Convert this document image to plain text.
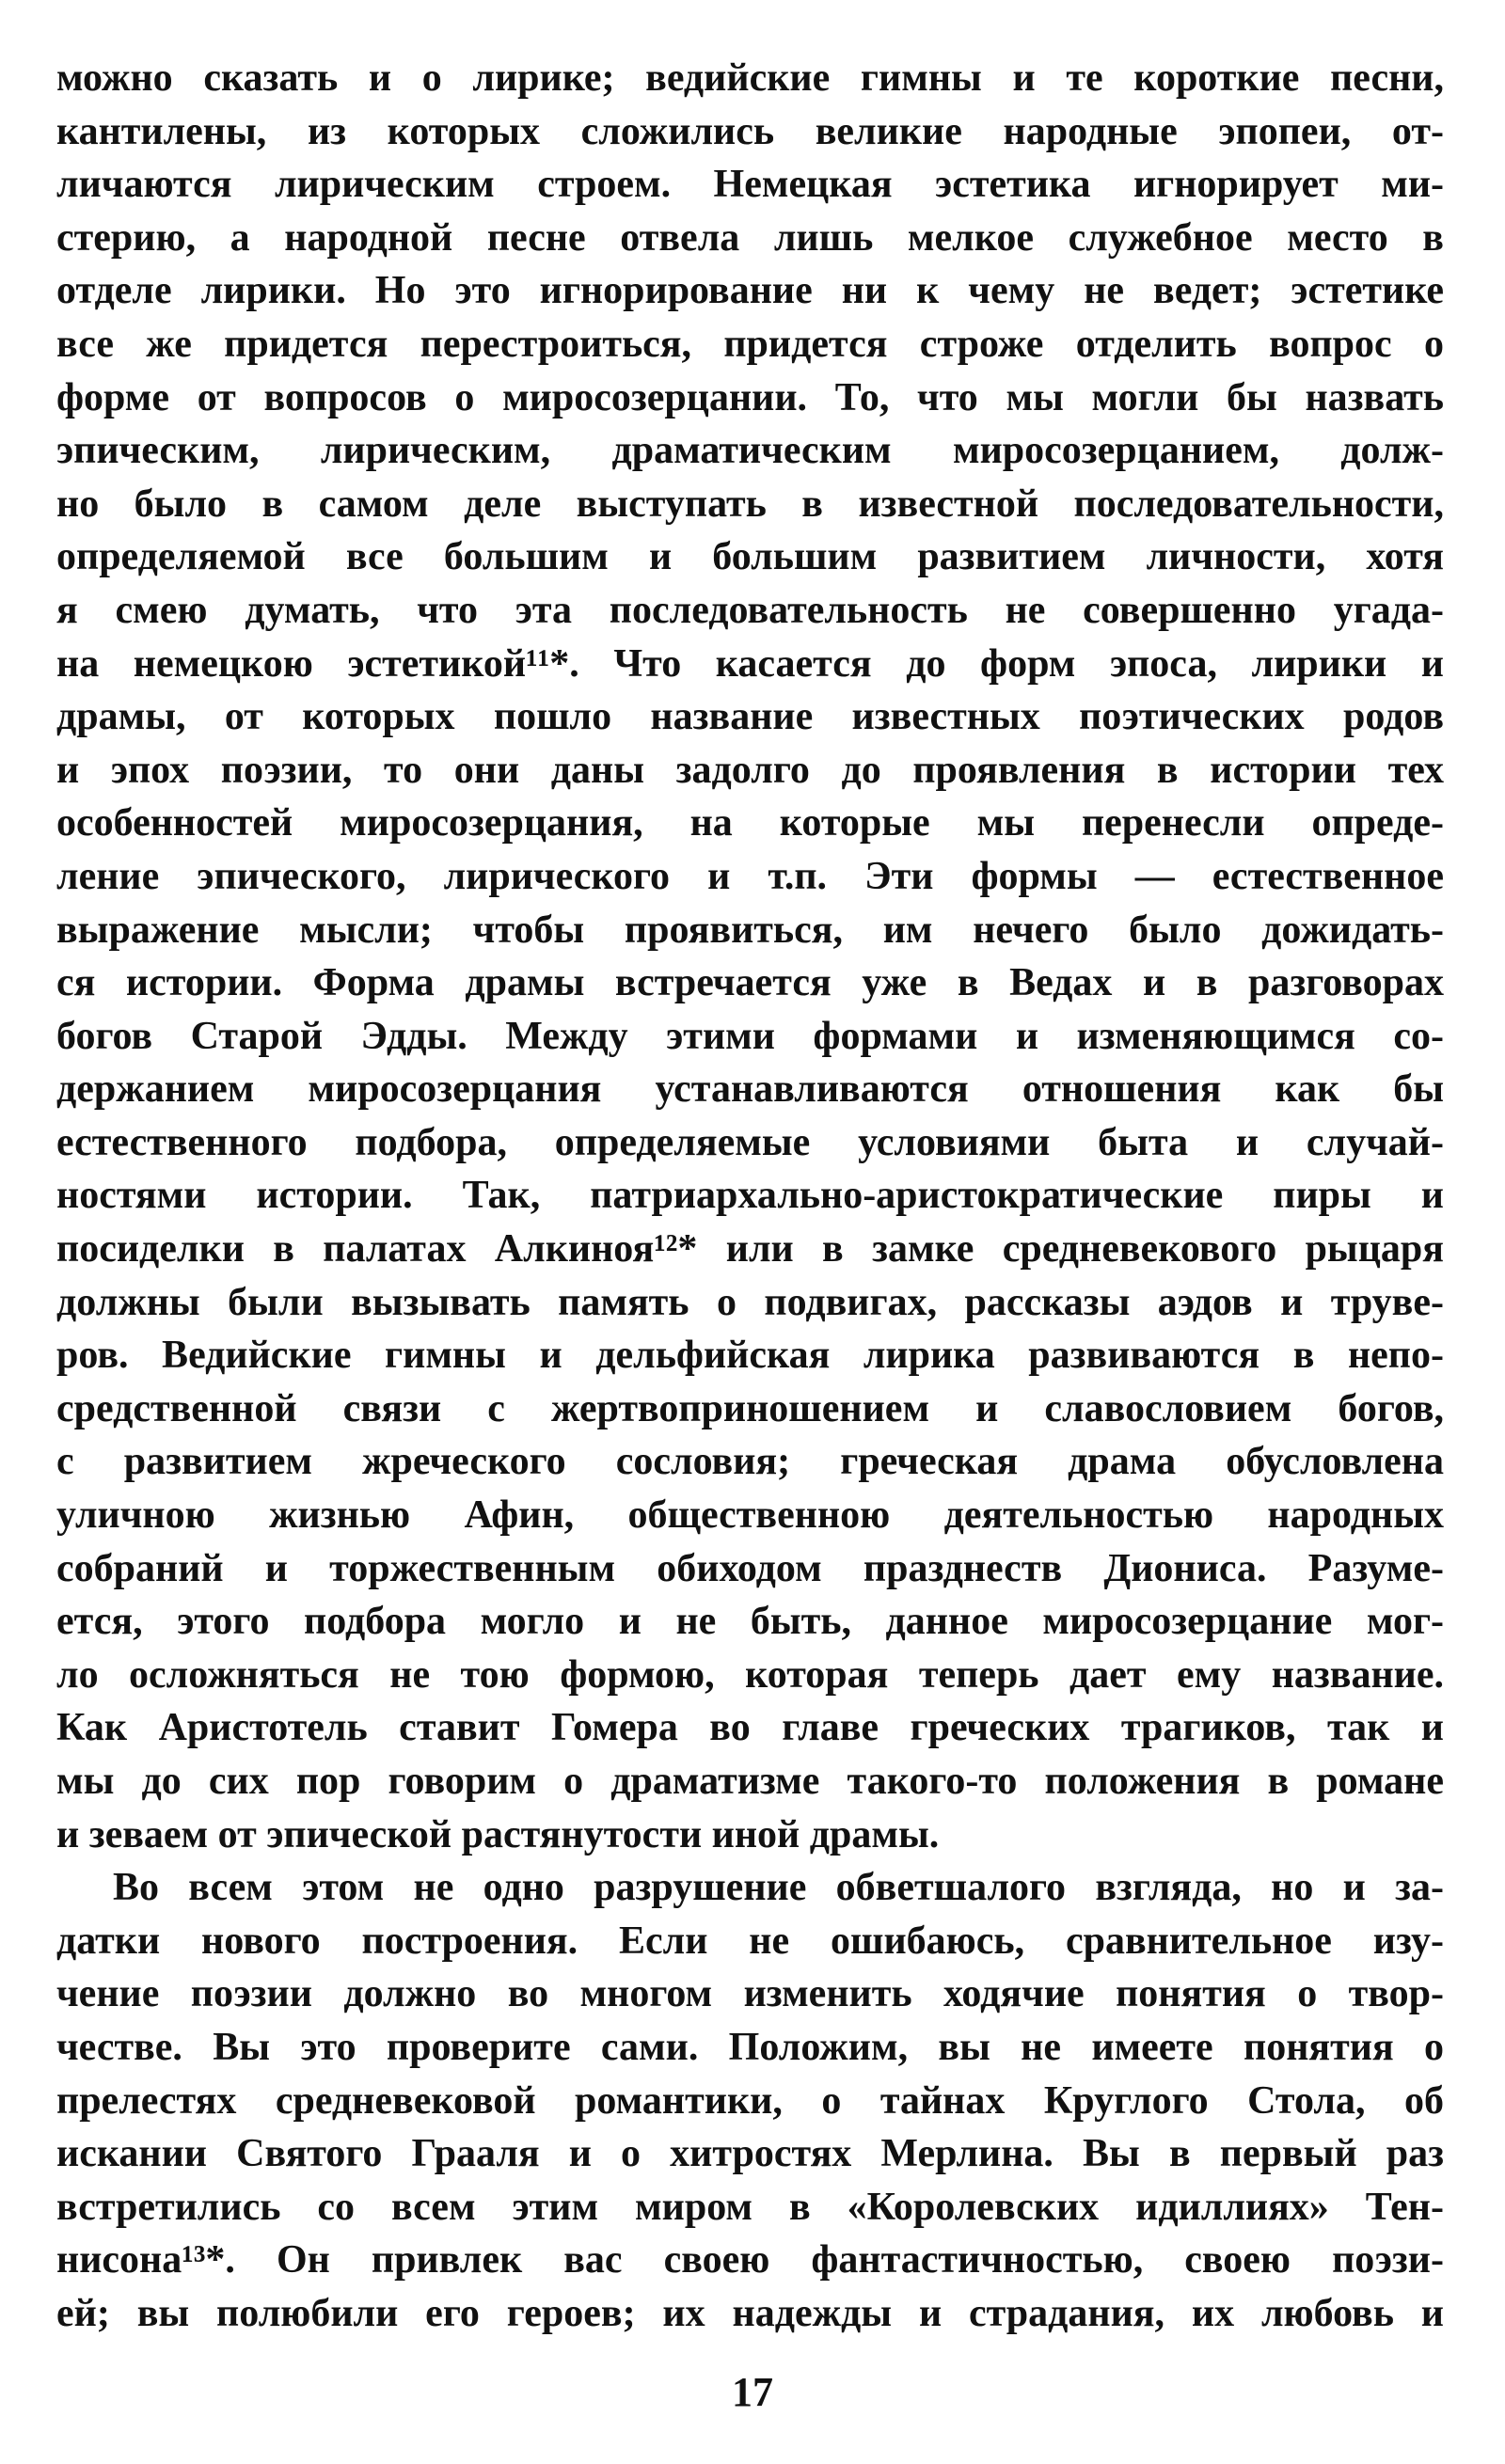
можно сказать и о лирике; ведийские гимны и те короткие песни,
кантилены, из которых сложились великие народные эпопеи, от-
личаются лирическим строем. Немецкая эстетика игнорирует ми-
стерию, а народной песне отвела лишь мелкое служебное место в
отделе лирики. Но это игнорирование ни к чему не ведет; эстетике
все же придется перестроиться, придется строже отделить вопрос о
форме от вопросов о миросозерцании. То, что мы могли бы назвать
эпическим, лирическим, драматическим миросозерцанием, долж-
но было в самом деле выступать в известной последовательности,
определяемой все большим и большим развитием личности, хотя
я смею думать, что эта последовательность не совершенно угада-
на немецкою эстетикой¹¹*. Что касается до форм эпоса, лирики и
драмы, от которых пошло название известных поэтических родов
и эпох поэзии, то они даны задолго до проявления в истории тех
особенностей миросозерцания, на которые мы перенесли опреде-
ление эпического, лирического и т.п. Эти формы — естественное
выражение мысли; чтобы проявиться, им нечего было дожидать-
ся истории. Форма драмы встречается уже в Ведах и в разговорах
богов Старой Эдды. Между этими формами и изменяющимся со-
держанием миросозерцания устанавливаются отношения как бы
естественного подбора, определяемые условиями быта и случай-
ностями истории. Так, патриархально-аристократические пиры и
посиделки в палатах Алкиноя¹²* или в замке средневекового рыцаря
должны были вызывать память о подвигах, рассказы аэдов и труве-
ров. Ведийские гимны и дельфийская лирика развиваются в непо-
средственной связи с жертвоприношением и славословием богов,
с развитием жреческого сословия; греческая драма обусловлена
уличною жизнью Афин, общественною деятельностью народных
собраний и торжественным обиходом празднеств Диониса. Разуме-
ется, этого подбора могло и не быть, данное миросозерцание мог-
ло осложняться не тою формою, которая теперь дает ему название.
Как Аристотель ставит Гомера во главе греческих трагиков, так и
мы до сих пор говорим о драматизме такого-то положения в романе
и зеваем от эпической растянутости иной драмы.
Во всем этом не одно разрушение обветшалого взгляда, но и за-
датки нового построения. Если не ошибаюсь, сравнительное изу-
чение поэзии должно во многом изменить ходячие понятия о твор-
честве. Вы это проверите сами. Положим, вы не имеете понятия о
прелестях средневековой романтики, о тайнах Круглого Стола, об
искании Святого Грааля и о хитростях Мерлина. Вы в первый раз
встретились со всем этим миром в «Королевских идиллиях» Тен-
нисона¹³*. Он привлек вас своею фантастичностью, своею поэзи-
ей; вы полюбили его героев; их надежды и страдания, их любовь и
17
